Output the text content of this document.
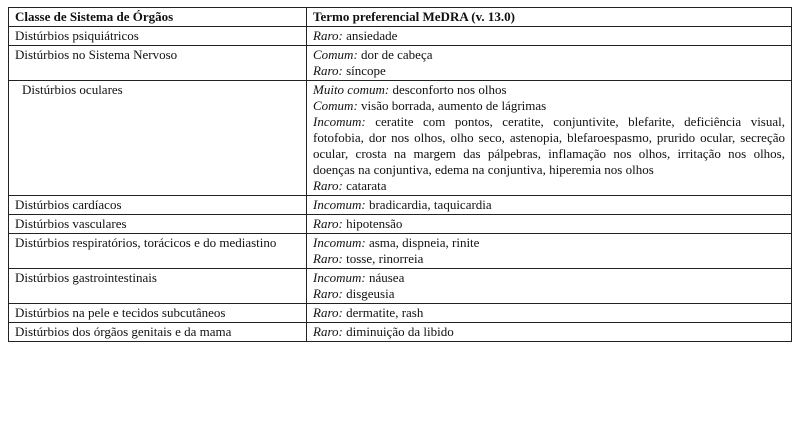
Classe de Sistema de Órgãos	Termo preferencial MeDRA (v. 13.0)
Distúrbios psiquiátricos	Raro: ansiedade

Distúrbios no Sistema Nervoso	Comum: dor de cabeça
Raro: síncope

Distúrbios oculares	Muito comum: desconforto nos olhos
Comum: visão borrada, aumento de lágrimas
Incomum: ceratite com pontos, ceratite, conjuntivite, blefarite, deficiência visual, fotofobia, dor nos olhos, olho seco, astenopia, blefaroespasmo, prurido ocular, secreção ocular, crosta na margem das pálpebras, inflamação nos olhos, irritação nos olhos, doenças na conjuntiva, edema na conjuntiva, hiperemia nos olhos
Raro: catarata

Distúrbios cardíacos	Incomum: bradicardia, taquicardia

Distúrbios vasculares	Raro: hipotensão

Distúrbios respiratórios, torácicos e do mediastino	Incomum: asma, dispneia, rinite
Raro: tosse, rinorreia

Distúrbios gastrointestinais	Incomum: náusea
Raro: disgeusia

Distúrbios na pele e tecidos subcutâneos	Raro: dermatite, rash

Distúrbios dos órgãos genitais e da mama	Raro: diminuição da libido
